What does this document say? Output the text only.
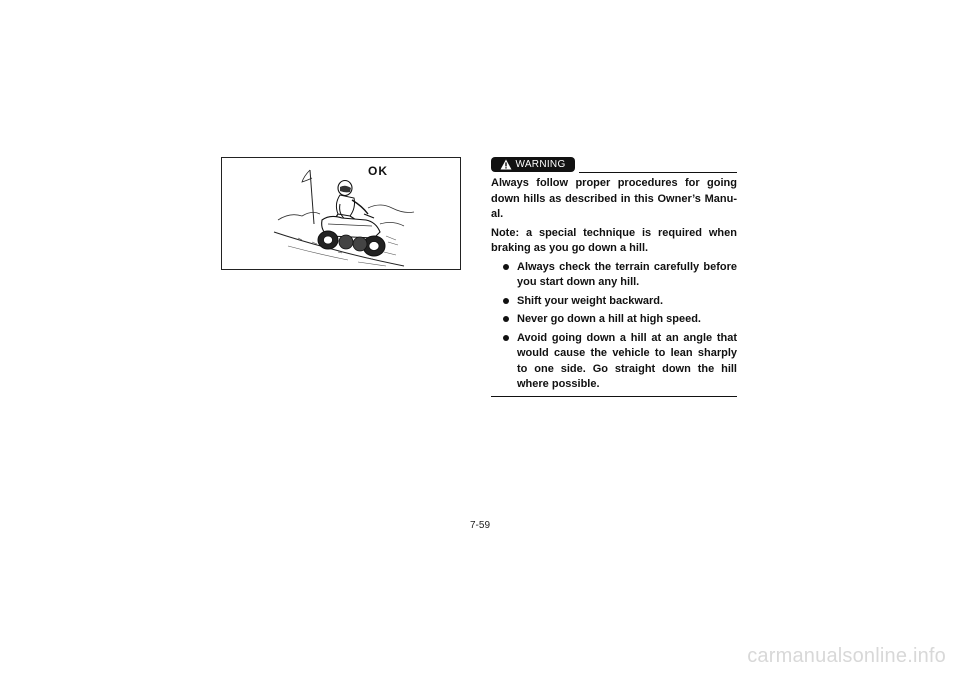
OK	WARNING

Always follow proper procedures for going down hills as described in this Owner’s Manu-al.

Note: a special technique is required when braking as you go down a hill.

Always check the terrain carefully before you start down any hill.
Shift your weight backward.
Never go down a hill at high speed.
Avoid going down a hill at an angle that would cause the vehicle to lean sharply to one side. Go straight down the hill where possible.
7-59
carmanualsonline.info
